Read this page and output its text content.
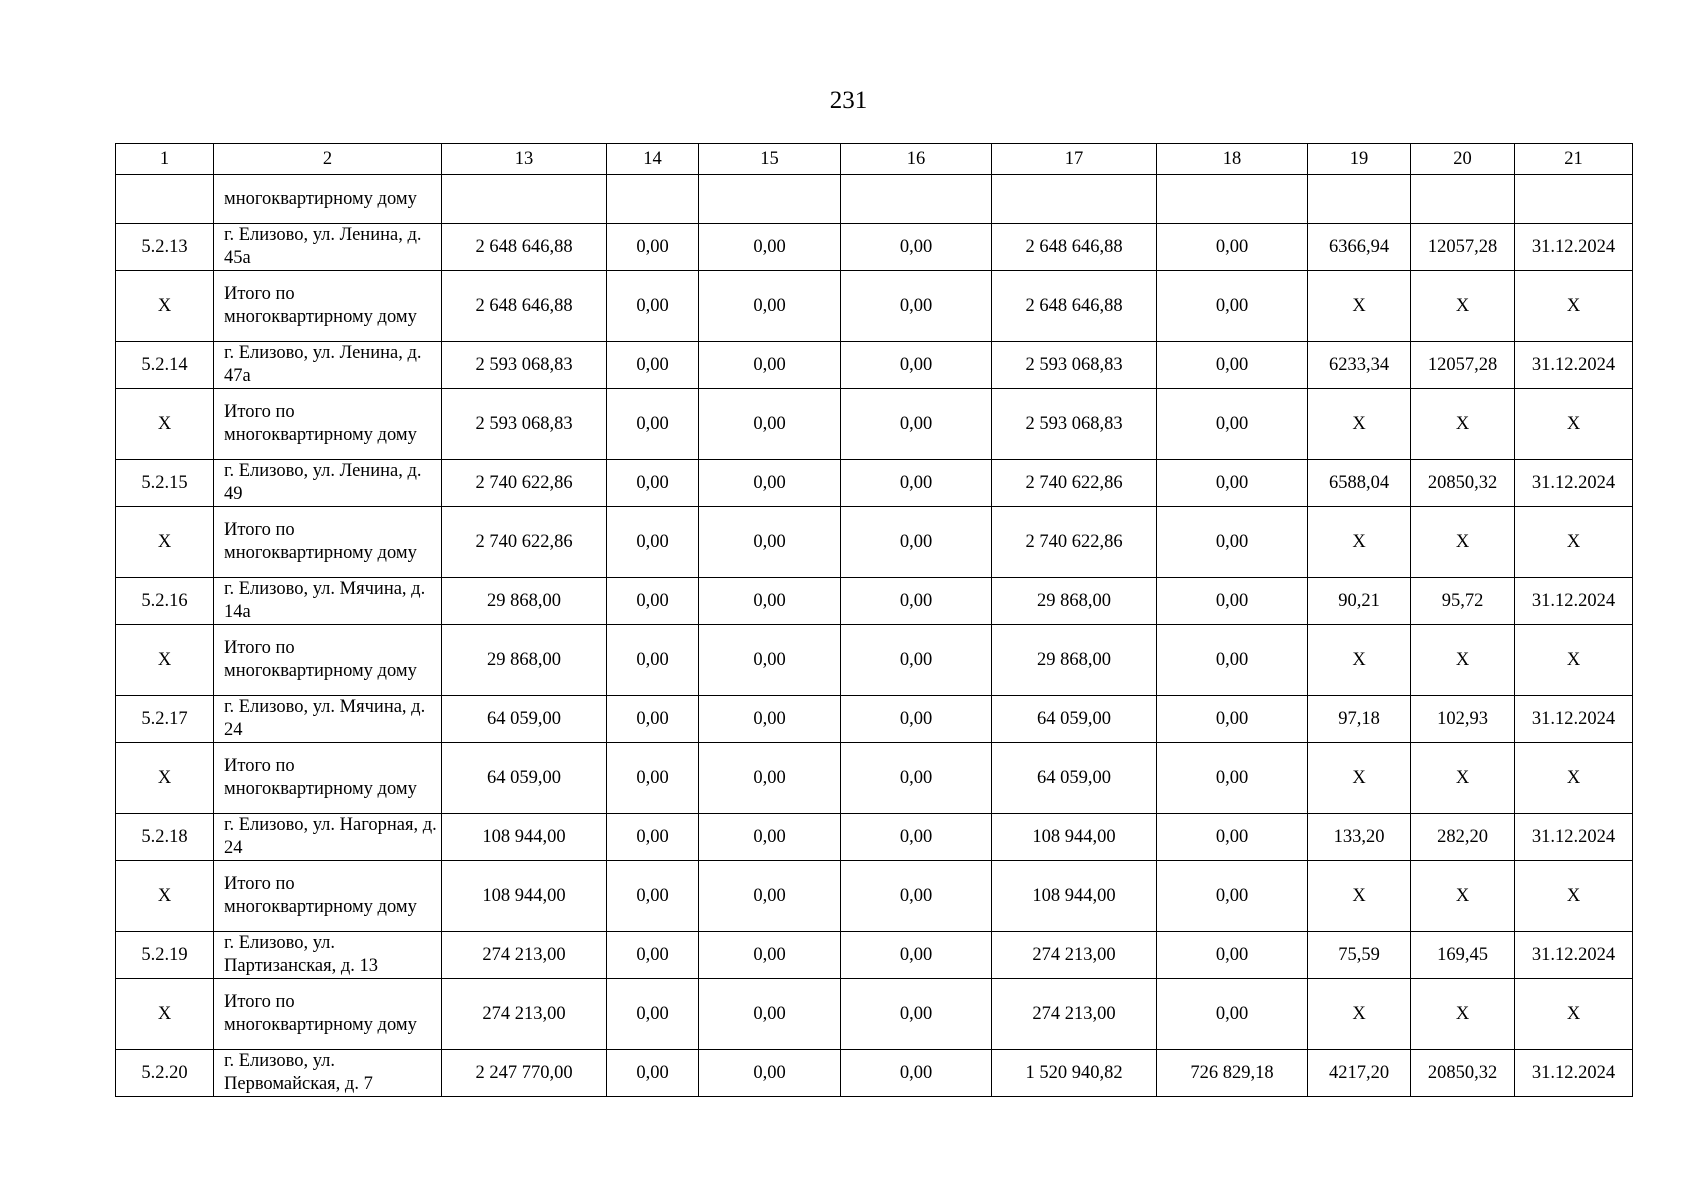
231
1	2	13	14	15	16	17	18	19	20	21
	многоквартирному дому									
5.2.13	г. Елизово, ул. Ленина, д. 45а	2 648 646,88	0,00	0,00	0,00	2 648 646,88	0,00	6366,94	12057,28	31.12.2024
Х	Итого по многоквартирному дому	2 648 646,88	0,00	0,00	0,00	2 648 646,88	0,00	Х	Х	Х
5.2.14	г. Елизово, ул. Ленина, д. 47а	2 593 068,83	0,00	0,00	0,00	2 593 068,83	0,00	6233,34	12057,28	31.12.2024
Х	Итого по многоквартирному дому	2 593 068,83	0,00	0,00	0,00	2 593 068,83	0,00	Х	Х	Х
5.2.15	г. Елизово, ул. Ленина, д. 49	2 740 622,86	0,00	0,00	0,00	2 740 622,86	0,00	6588,04	20850,32	31.12.2024
Х	Итого по многоквартирному дому	2 740 622,86	0,00	0,00	0,00	2 740 622,86	0,00	Х	Х	Х
5.2.16	г. Елизово, ул. Мячина, д. 14а	29 868,00	0,00	0,00	0,00	29 868,00	0,00	90,21	95,72	31.12.2024
Х	Итого по многоквартирному дому	29 868,00	0,00	0,00	0,00	29 868,00	0,00	Х	Х	Х
5.2.17	г. Елизово, ул. Мячина, д. 24	64 059,00	0,00	0,00	0,00	64 059,00	0,00	97,18	102,93	31.12.2024
Х	Итого по многоквартирному дому	64 059,00	0,00	0,00	0,00	64 059,00	0,00	Х	Х	Х
5.2.18	г. Елизово, ул. Нагорная, д. 24	108 944,00	0,00	0,00	0,00	108 944,00	0,00	133,20	282,20	31.12.2024
Х	Итого по многоквартирному дому	108 944,00	0,00	0,00	0,00	108 944,00	0,00	Х	Х	Х
5.2.19	г. Елизово, ул. Партизанская, д. 13	274 213,00	0,00	0,00	0,00	274 213,00	0,00	75,59	169,45	31.12.2024
Х	Итого по многоквартирному дому	274 213,00	0,00	0,00	0,00	274 213,00	0,00	Х	Х	Х
5.2.20	г. Елизово, ул. Первомайская, д. 7	2 247 770,00	0,00	0,00	0,00	1 520 940,82	726 829,18	4217,20	20850,32	31.12.2024
